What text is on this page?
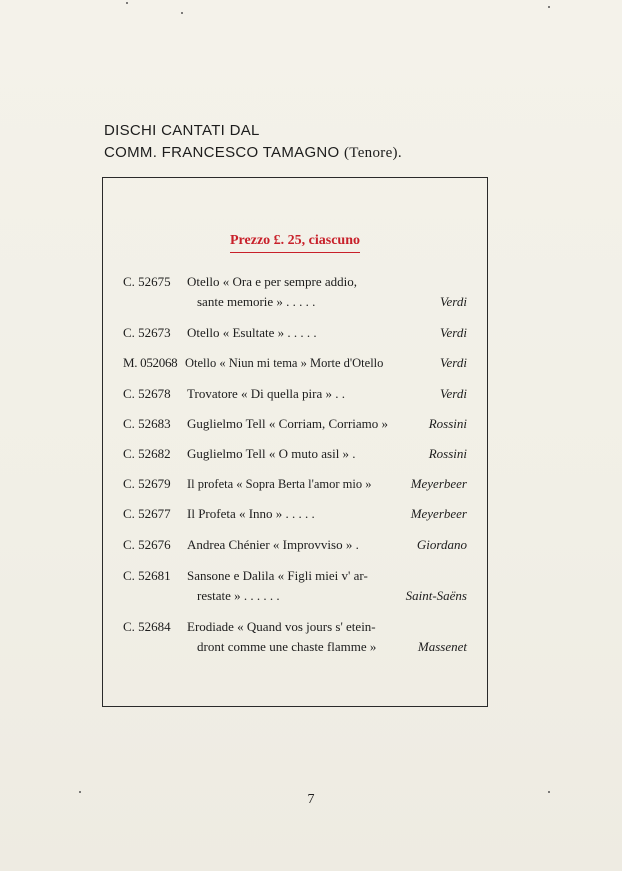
DISCHI CANTATI DAL
COMM. FRANCESCO TAMAGNO (Tenore).
Prezzo £. 25, ciascuno
C. 52675 Otello « Ora e per sempre addio,
sante memorie » . . . . .	Verdi
C. 52673 Otello « Esultate » . . . . .	Verdi
M. 052068 Otello « Niun mi tema » Morte d'Otello	Verdi
C. 52678 Trovatore « Di quella pira » . .	Verdi
C. 52683 Guglielmo Tell « Corriam, Corriamo »	Rossini
C. 52682 Guglielmo Tell « O muto asil » .	Rossini
C. 52679 Il profeta « Sopra Berta l'amor mio »	Meyerbeer
C. 52677 Il Profeta « Inno » . . . . .	Meyerbeer
C. 52676 Andrea Chénier « Improvviso » .	Giordano
C. 52681 Sansone e Dalila « Figli miei v' ar-
restate » . . . . . .	Saint-Saëns
C. 52684 Erodiade « Quand vos jours s' etein-
dront comme une chaste flamme »	Massenet
7
